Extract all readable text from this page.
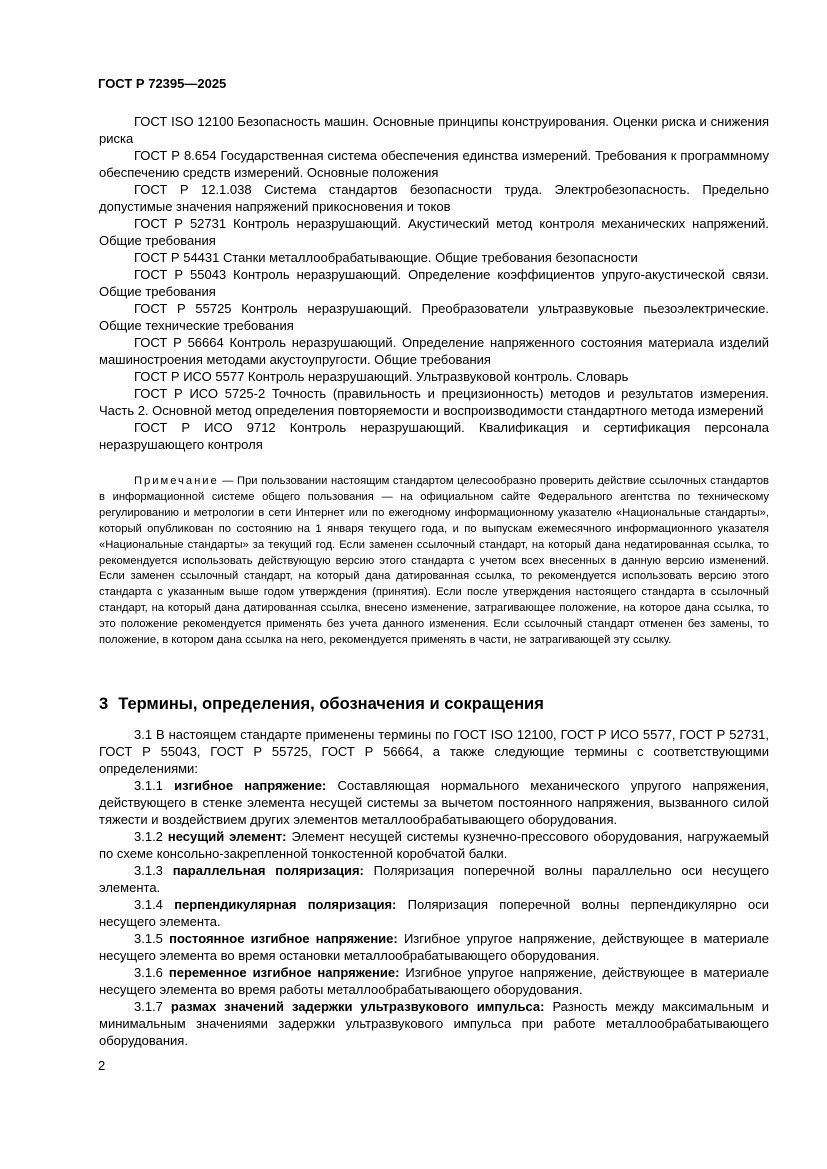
ГОСТ Р 72395—2025

ГОСТ ISO 12100 Безопасность машин. Основные принципы конструирования. Оценки риска и снижения риска

ГОСТ Р 8.654 Государственная система обеспечения единства измерений. Требования к программному обеспечению средств измерений. Основные положения

ГОСТ Р 12.1.038 Система стандартов безопасности труда. Электробезопасность. Предельно допустимые значения напряжений прикосновения и токов

ГОСТ Р 52731 Контроль неразрушающий. Акустический метод контроля механических напряжений. Общие требования

ГОСТ Р 54431 Станки металлообрабатывающие. Общие требования безопасности

ГОСТ Р 55043 Контроль неразрушающий. Определение коэффициентов упруго-акустической связи. Общие требования

ГОСТ Р 55725 Контроль неразрушающий. Преобразователи ультразвуковые пьезоэлектрические. Общие технические требования

ГОСТ Р 56664 Контроль неразрушающий. Определение напряженного состояния материала изделий машиностроения методами акустоупругости. Общие требования

ГОСТ Р ИСО 5577 Контроль неразрушающий. Ультразвуковой контроль. Словарь

ГОСТ Р ИСО 5725-2 Точность (правильность и прецизионность) методов и результатов измерения. Часть 2. Основной метод определения повторяемости и воспроизводимости стандартного метода измерений

ГОСТ Р ИСО 9712 Контроль неразрушающий. Квалификация и сертификация персонала неразрушающего контроля

Примечание — При пользовании настоящим стандартом целесообразно проверить действие ссылочных стандартов в информационной системе общего пользования — на официальном сайте Федерального агентства по техническому регулированию и метрологии в сети Интернет или по ежегодному информационному указателю «Национальные стандарты», который опубликован по состоянию на 1 января текущего года, и по выпускам ежемесячного информационного указателя «Национальные стандарты» за текущий год. Если заменен ссылочный стандарт, на который дана недатированная ссылка, то рекомендуется использовать действующую версию этого стандарта с учетом всех внесенных в данную версию изменений. Если заменен ссылочный стандарт, на который дана датированная ссылка, то рекомендуется использовать версию этого стандарта с указанным выше годом утверждения (принятия). Если после утверждения настоящего стандарта в ссылочный стандарт, на который дана датированная ссылка, внесено изменение, затрагивающее положение, на которое дана ссылка, то это положение рекомендуется применять без учета данного изменения. Если ссылочный стандарт отменен без замены, то положение, в котором дана ссылка на него, рекомендуется применять в части, не затрагивающей эту ссылку.

3 Термины, определения, обозначения и сокращения

3.1 В настоящем стандарте применены термины по ГОСТ ISO 12100, ГОСТ Р ИСО 5577, ГОСТ Р 52731, ГОСТ Р 55043, ГОСТ Р 55725, ГОСТ Р 56664, а также следующие термины с соответствующими определениями:

3.1.1 изгибное напряжение: Составляющая нормального механического упругого напряжения, действующего в стенке элемента несущей системы за вычетом постоянного напряжения, вызванного силой тяжести и воздействием других элементов металлообрабатывающего оборудования.

3.1.2 несущий элемент: Элемент несущей системы кузнечно-прессового оборудования, нагружаемый по схеме консольно-закрепленной тонкостенной коробчатой балки.

3.1.3 параллельная поляризация: Поляризация поперечной волны параллельно оси несущего элемента.

3.1.4 перпендикулярная поляризация: Поляризация поперечной волны перпендикулярно оси несущего элемента.

3.1.5 постоянное изгибное напряжение: Изгибное упругое напряжение, действующее в материале несущего элемента во время остановки металлообрабатывающего оборудования.

3.1.6 переменное изгибное напряжение: Изгибное упругое напряжение, действующее в материале несущего элемента во время работы металлообрабатывающего оборудования.

3.1.7 размах значений задержки ультразвукового импульса: Разность между максимальным и минимальным значениями задержки ультразвукового импульса при работе металлообрабатывающего оборудования.

2
